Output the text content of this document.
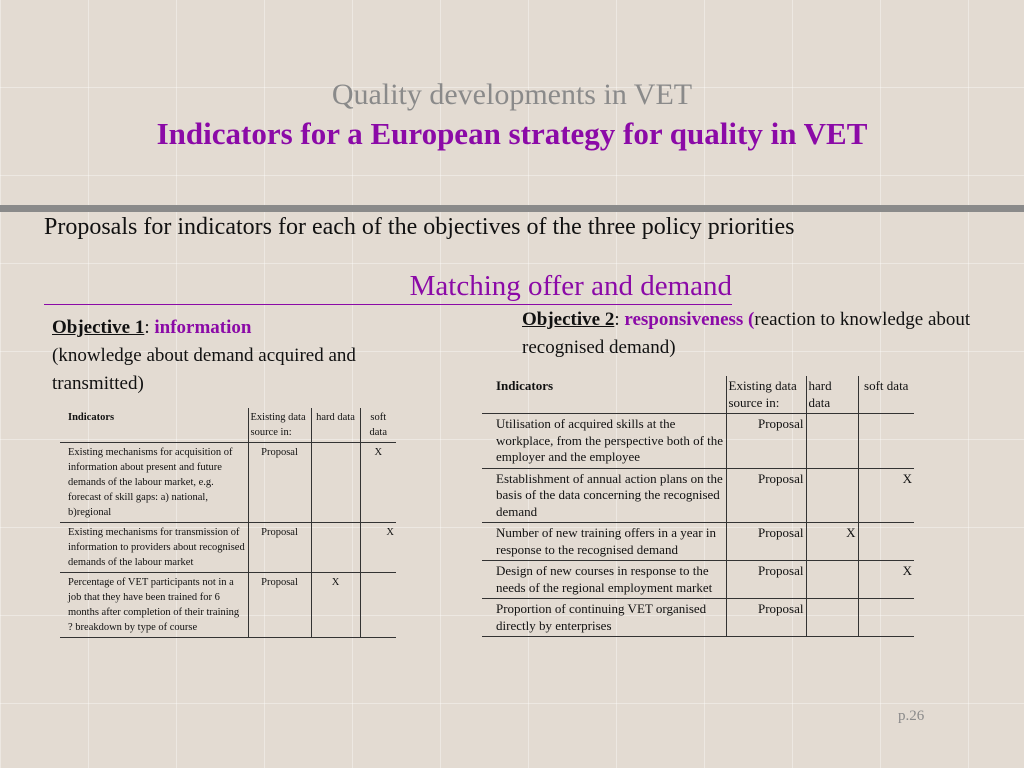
Quality developments in VET
Indicators for a European strategy for quality in VET
Proposals for indicators for each of the objectives of the three policy priorities
Matching offer and demand
Objective 1: information
(knowledge about demand acquired and transmitted)
Objective 2: responsiveness (reaction to knowledge about recognised demand)
Indicators	Existing data source in:	hard data	soft data
Existing mechanisms for acquisition of information about present and future demands of the labour market, e.g. forecast of skill gaps: a) national, b)regional	Proposal		X
Existing mechanisms for transmission of information to providers about recognised demands of the labour market	Proposal		X
Percentage of VET participants not in a job that they have been trained for 6 months after completion of their training ? breakdown by type of course	Proposal	X	
Indicators	Existing data source in:	hard data	soft data
Utilisation of acquired skills at the workplace, from the perspective both of the employer and the employee	Proposal		
Establishment of annual action plans on the basis of the data concerning the recognised demand	Proposal		X
Number of new training offers in a year in response to the recognised demand	Proposal	X	
Design of new courses in response to the needs of the regional employment market	Proposal		X
Proportion of continuing VET organised directly by enterprises	Proposal		
p.26
